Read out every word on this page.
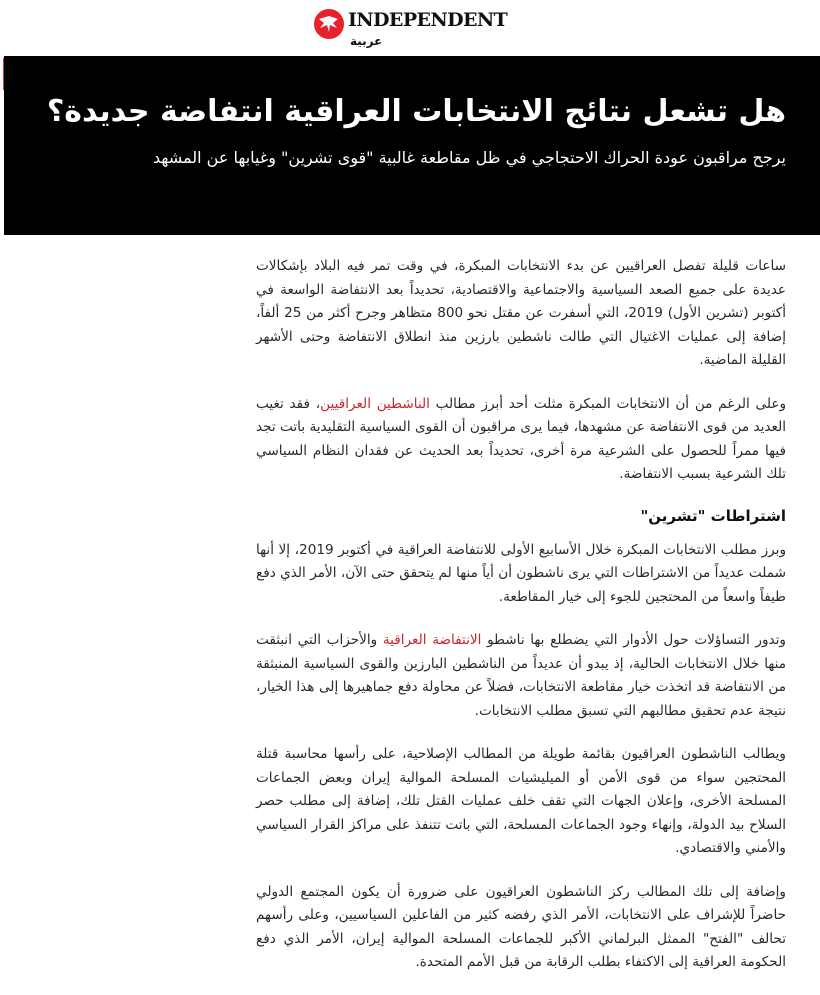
INDEPENDENT
عربية
هل تشعل نتائج الانتخابات العراقية انتفاضة جديدة؟

يرجح مراقبون عودة الحراك الاحتجاجي في ظل مقاطعة غالبية "قوى تشرين" وغيابها عن المشهد

ساعات قليلة تفصل العراقيين عن بدء الانتخابات المبكرة، في وقت تمر فيه البلاد بإشكالات عديدة على جميع الصعد السياسية والاجتماعية والاقتصادية، تحديداً بعد الانتفاضة الواسعة في أكتوبر (تشرين الأول) 2019، التي أسفرت عن مقتل نحو 800 متظاهر وجرح أكثر من 25 ألفاً، إضافة إلى عمليات الاغتيال التي طالت ناشطين بارزين منذ انطلاق الانتفاضة وحتى الأشهر القليلة الماضية.

وعلى الرغم من أن الانتخابات المبكرة مثلت أحد أبرز مطالب الناشطين العراقيين، فقد تغيب العديد من قوى الانتفاضة عن مشهدها، فيما يرى مراقبون أن القوى السياسية التقليدية باتت تجد فيها ممراً للحصول على الشرعية مرة أخرى، تحديداً بعد الحديث عن فقدان النظام السياسي تلك الشرعية بسبب الانتفاضة.

اشتراطات "تشرين"

وبرز مطلب الانتخابات المبكرة خلال الأسابيع الأولى للانتفاضة العراقية في أكتوبر 2019، إلا أنها شملت عديداً من الاشتراطات التي يرى ناشطون أن أياً منها لم يتحقق حتى الآن، الأمر الذي دفع طيفاً واسعاً من المحتجين للجوء إلى خيار المقاطعة.

وتدور التساؤلات حول الأدوار التي يضطلع بها ناشطو الانتفاضة العراقية والأحزاب التي انبثقت منها خلال الانتخابات الحالية، إذ يبدو أن عديداً من الناشطين البارزين والقوى السياسية المنبثقة من الانتفاضة قد اتخذت خيار مقاطعة الانتخابات، فضلاً عن محاولة دفع جماهيرها إلى هذا الخيار، نتيجة عدم تحقيق مطالبهم التي تسبق مطلب الانتخابات.

ويطالب الناشطون العراقيون بقائمة طويلة من المطالب الإصلاحية، على رأسها محاسبة قتلة المحتجين سواء من قوى الأمن أو الميليشيات المسلحة الموالية إيران وبعض الجماعات المسلحة الأخرى، وإعلان الجهات التي تقف خلف عمليات القتل تلك، إضافة إلى مطلب حصر السلاح بيد الدولة، وإنهاء وجود الجماعات المسلحة، التي باتت تتنفذ على مراكز القرار السياسي والأمني والاقتصادي.

وإضافة إلى تلك المطالب ركز الناشطون العراقيون على ضرورة أن يكون المجتمع الدولي حاضراً للإشراف على الانتخابات، الأمر الذي رفضه كثير من الفاعلين السياسيين، وعلى رأسهم تحالف "الفتح" الممثل البرلماني الأكبر للجماعات المسلحة الموالية إيران، الأمر الذي دفع الحكومة العراقية إلى الاكتفاء بطلب الرقابة من قبل الأمم المتحدة.
